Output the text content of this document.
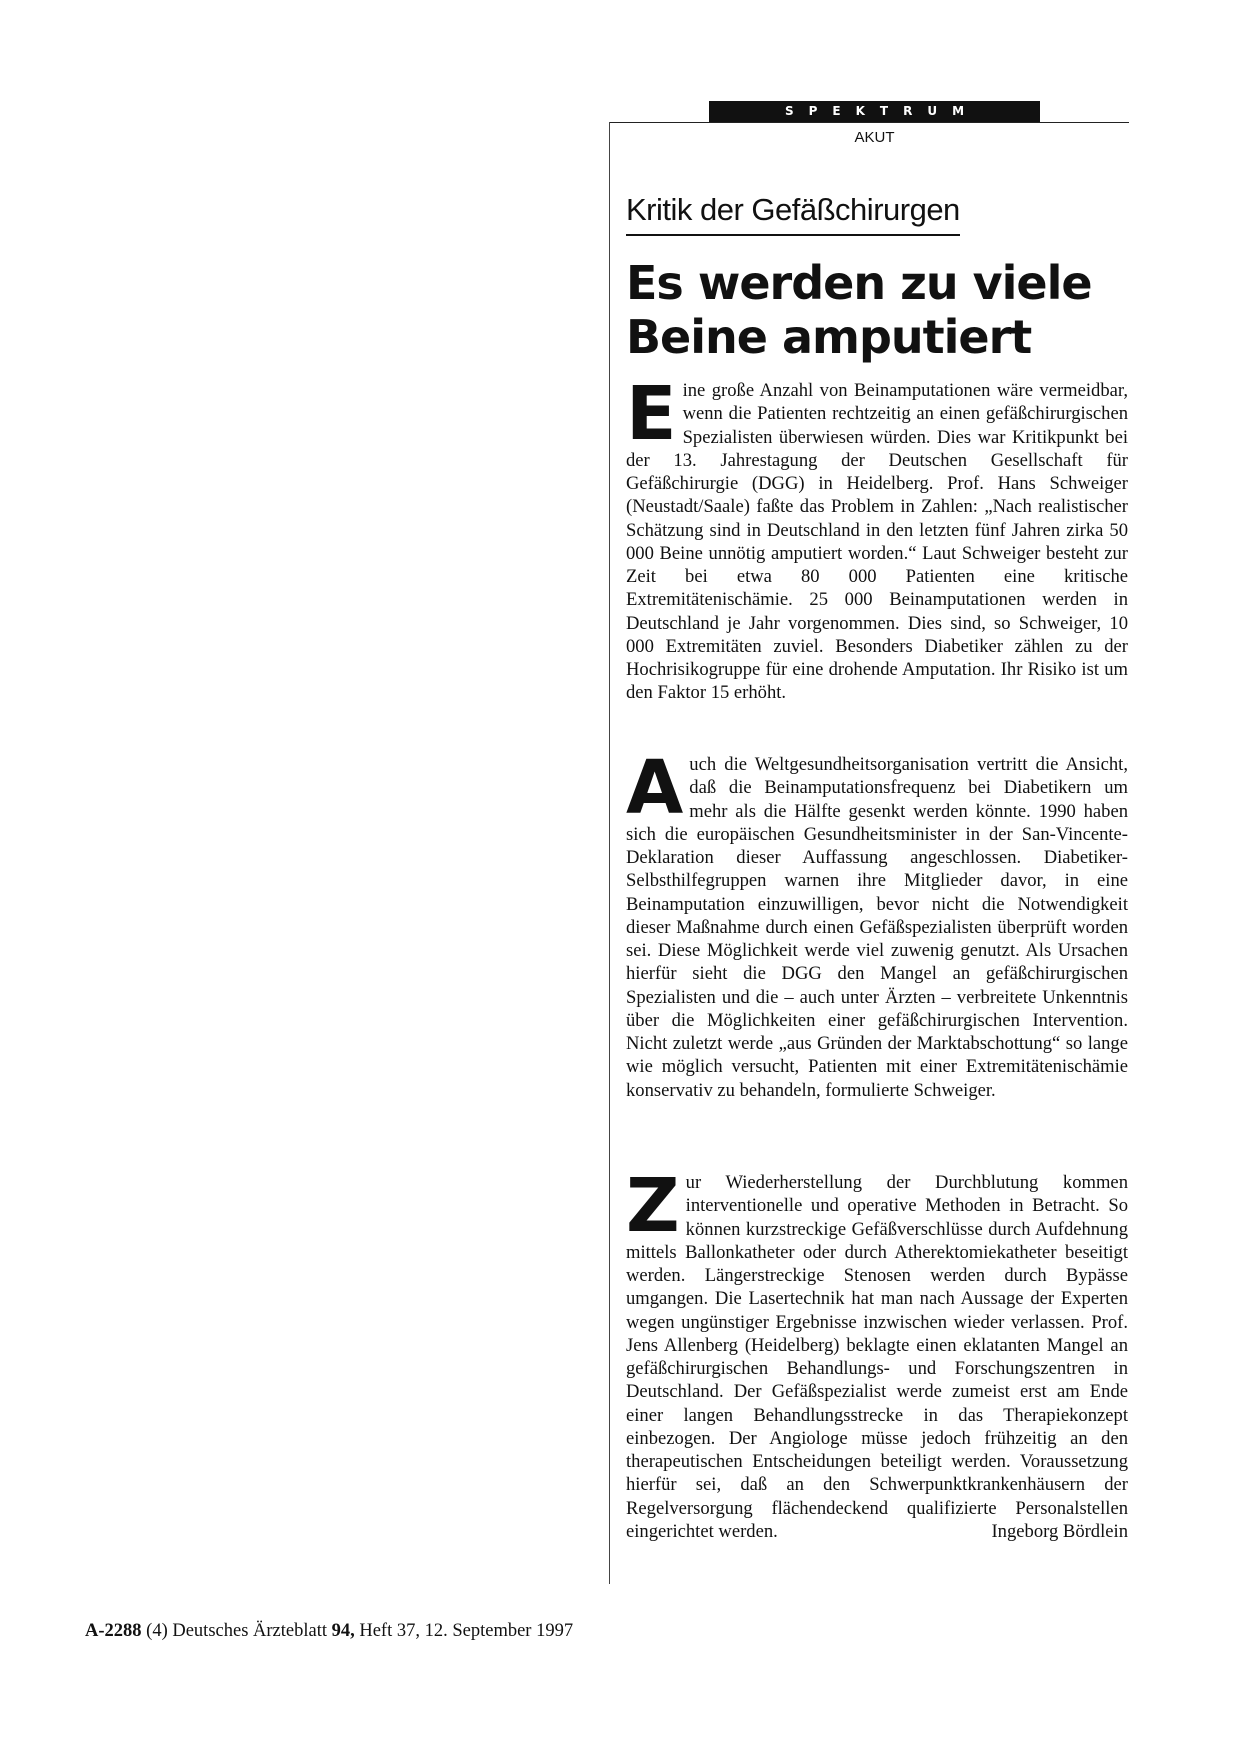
SPEKTRUM
AKUT
Kritik der Gefäßchirurgen
Es werden zu viele
Beine amputiert

Eine große Anzahl von Beinamputationen wäre vermeidbar, wenn die Patienten rechtzeitig an einen gefäßchirurgischen Spezialisten überwiesen würden. Dies war Kritikpunkt bei der 13. Jahrestagung der Deutschen Gesellschaft für Gefäßchirurgie (DGG) in Heidelberg. Prof. Hans Schweiger (Neustadt/Saale) faßte das Problem in Zahlen: „Nach realistischer Schätzung sind in Deutschland in den letzten fünf Jahren zirka 50 000 Beine unnötig amputiert worden.“ Laut Schweiger besteht zur Zeit bei etwa 80 000 Patienten eine kritische Extremitätenischämie. 25 000 Beinamputationen werden in Deutschland je Jahr vorgenommen. Dies sind, so Schweiger, 10 000 Extremitäten zuviel. Besonders Diabetiker zählen zu der Hochrisikogruppe für eine drohende Amputation. Ihr Risiko ist um den Faktor 15 erhöht.

Auch die Weltgesundheitsorganisation vertritt die Ansicht, daß die Beinamputationsfrequenz bei Diabetikern um mehr als die Hälfte gesenkt werden könnte. 1990 haben sich die europäischen Gesundheitsminister in der San-Vincente-Deklaration dieser Auffassung angeschlossen. Diabetiker-Selbsthilfegruppen warnen ihre Mitglieder davor, in eine Beinamputation einzuwilligen, bevor nicht die Notwendigkeit dieser Maßnahme durch einen Gefäßspezialisten überprüft worden sei. Diese Möglichkeit werde viel zuwenig genutzt. Als Ursachen hierfür sieht die DGG den Mangel an gefäßchirurgischen Spezialisten und die – auch unter Ärzten – verbreitete Unkenntnis über die Möglichkeiten einer gefäßchirurgischen Intervention. Nicht zuletzt werde „aus Gründen der Marktabschottung“ so lange wie möglich versucht, Patienten mit einer Extremitätenischämie konservativ zu behandeln, formulierte Schweiger.

Zur Wiederherstellung der Durchblutung kommen interventionelle und operative Methoden in Betracht. So können kurzstreckige Gefäßverschlüsse durch Aufdehnung mittels Ballonkatheter oder durch Atherektomiekatheter beseitigt werden. Längerstreckige Stenosen werden durch Bypässe umgangen. Die Lasertechnik hat man nach Aussage der Experten wegen ungünstiger Ergebnisse inzwischen wieder verlassen. Prof. Jens Allenberg (Heidelberg) beklagte einen eklatanten Mangel an gefäßchirurgischen Behandlungs- und Forschungszentren in Deutschland. Der Gefäßspezialist werde zumeist erst am Ende einer langen Behandlungsstrecke in das Therapiekonzept einbezogen. Der Angiologe müsse jedoch frühzeitig an den therapeutischen Entscheidungen beteiligt werden. Voraussetzung hierfür sei, daß an den Schwerpunktkrankenhäusern der Regelversorgung flächendeckend qualifizierte Personalstellen eingerichtet werden.	Ingeborg Bördlein

A-2288 (4) Deutsches Ärzteblatt 94, Heft 37, 12. September 1997
